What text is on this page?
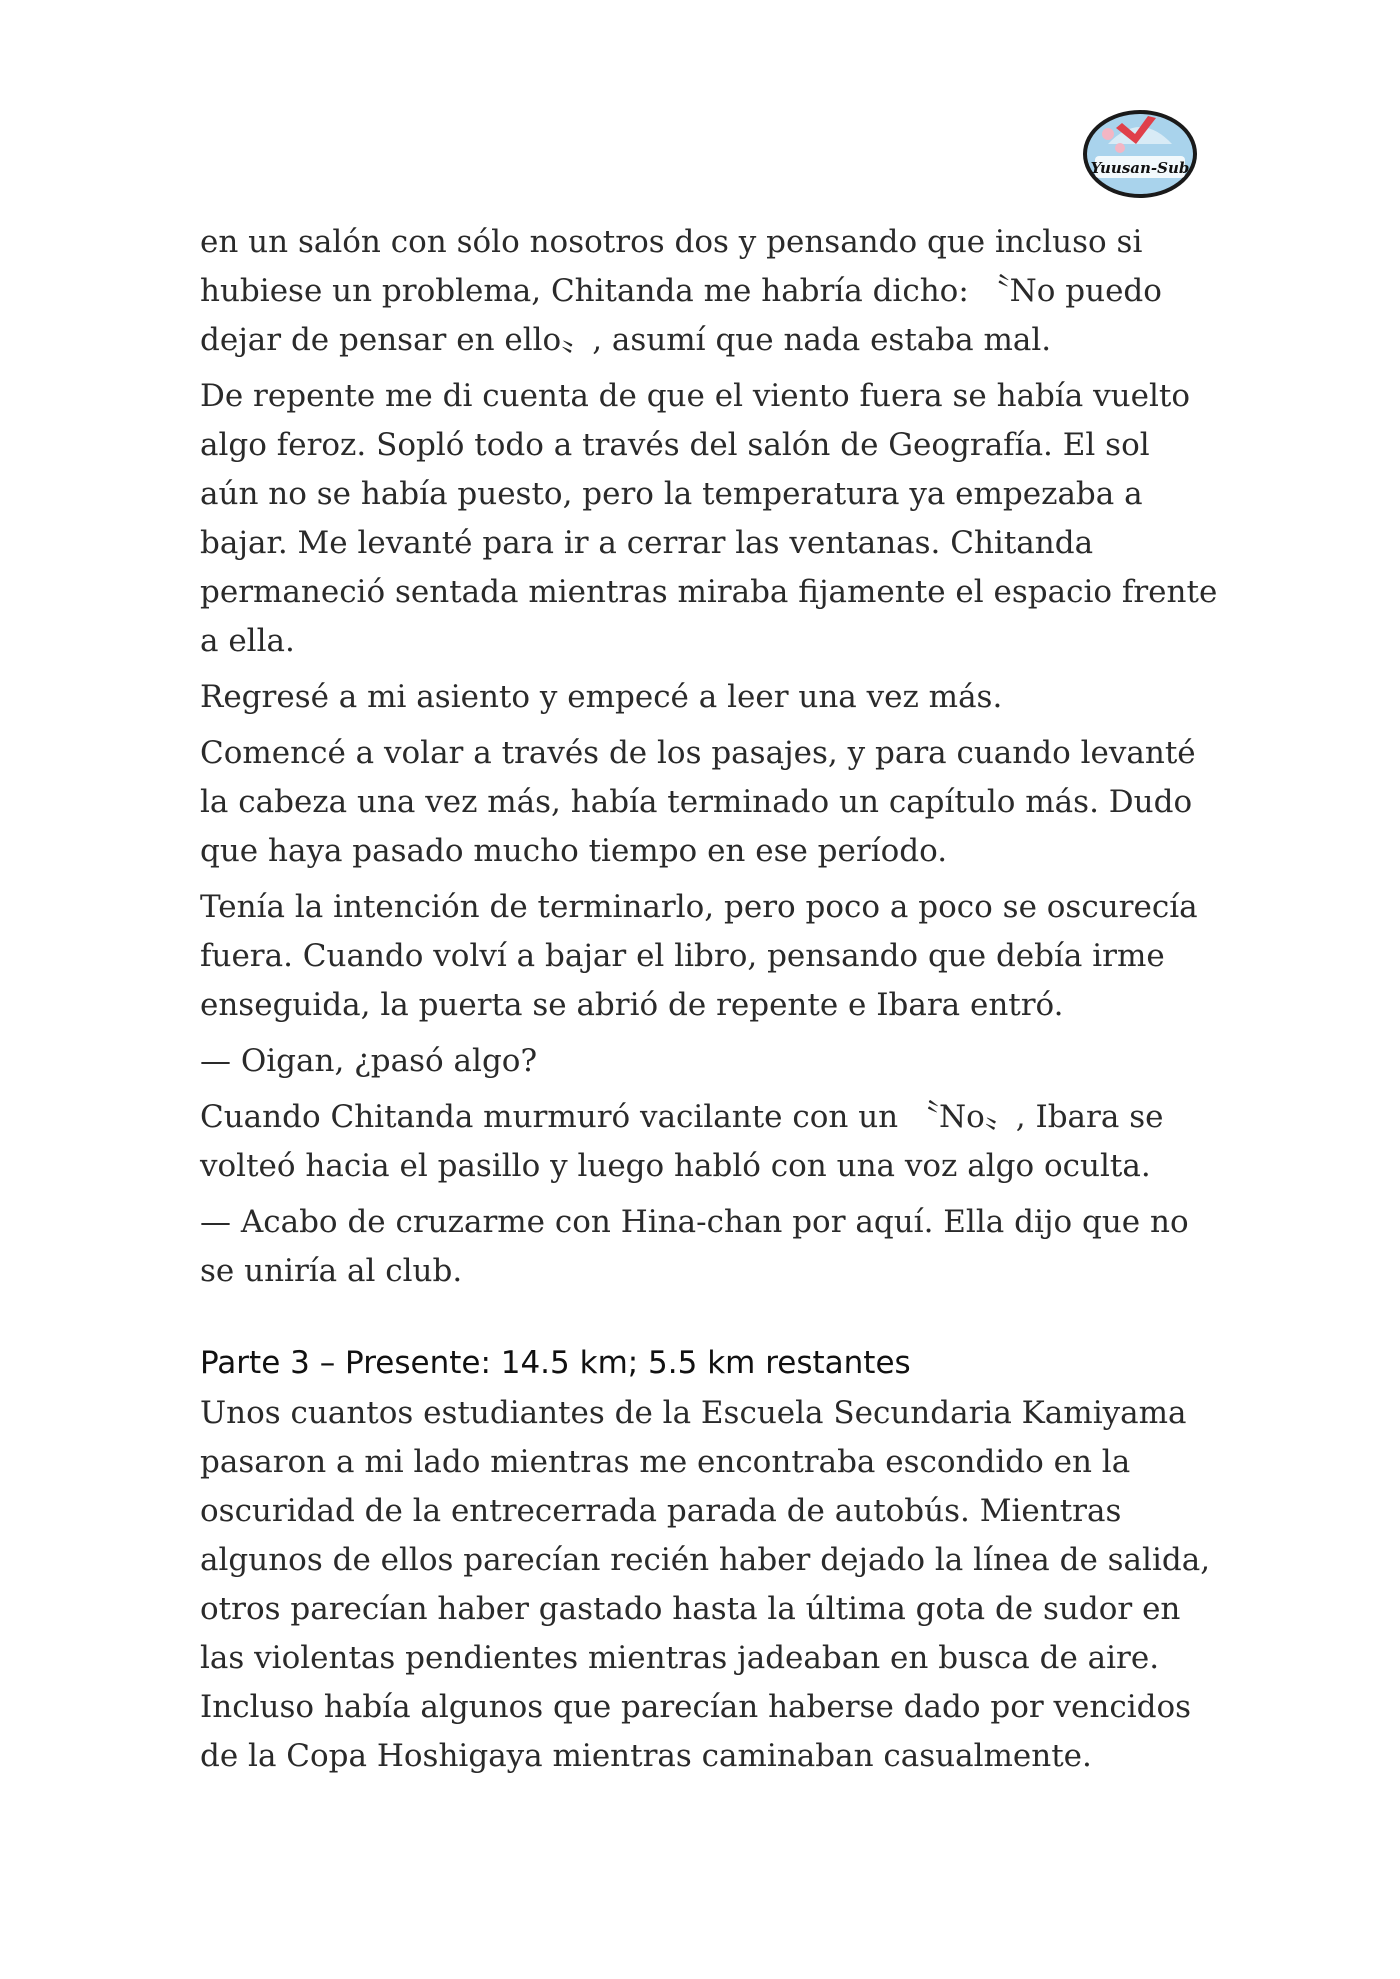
Yuusan-Sub

en un salón con sólo nosotros dos y pensando que incluso si
hubiese un problema, Chitanda me habría dicho: 〝No puedo
dejar de pensar en ello〟, asumí que nada estaba mal.

De repente me di cuenta de que el viento fuera se había vuelto
algo feroz. Sopló todo a través del salón de Geografía. El sol
aún no se había puesto, pero la temperatura ya empezaba a
bajar. Me levanté para ir a cerrar las ventanas. Chitanda
permaneció sentada mientras miraba fijamente el espacio frente
a ella.

Regresé a mi asiento y empecé a leer una vez más.

Comencé a volar a través de los pasajes, y para cuando levanté
la cabeza una vez más, había terminado un capítulo más. Dudo
que haya pasado mucho tiempo en ese período.

Tenía la intención de terminarlo, pero poco a poco se oscurecía
fuera. Cuando volví a bajar el libro, pensando que debía irme
enseguida, la puerta se abrió de repente e Ibara entró.

— Oigan, ¿pasó algo?

Cuando Chitanda murmuró vacilante con un 〝No〟, Ibara se
volteó hacia el pasillo y luego habló con una voz algo oculta.

— Acabo de cruzarme con Hina-chan por aquí. Ella dijo que no
se uniría al club.

Parte 3 – Presente: 14.5 km; 5.5 km restantes

Unos cuantos estudiantes de la Escuela Secundaria Kamiyama
pasaron a mi lado mientras me encontraba escondido en la
oscuridad de la entrecerrada parada de autobús. Mientras
algunos de ellos parecían recién haber dejado la línea de salida,
otros parecían haber gastado hasta la última gota de sudor en
las violentas pendientes mientras jadeaban en busca de aire.
Incluso había algunos que parecían haberse dado por vencidos
de la Copa Hoshigaya mientras caminaban casualmente.
